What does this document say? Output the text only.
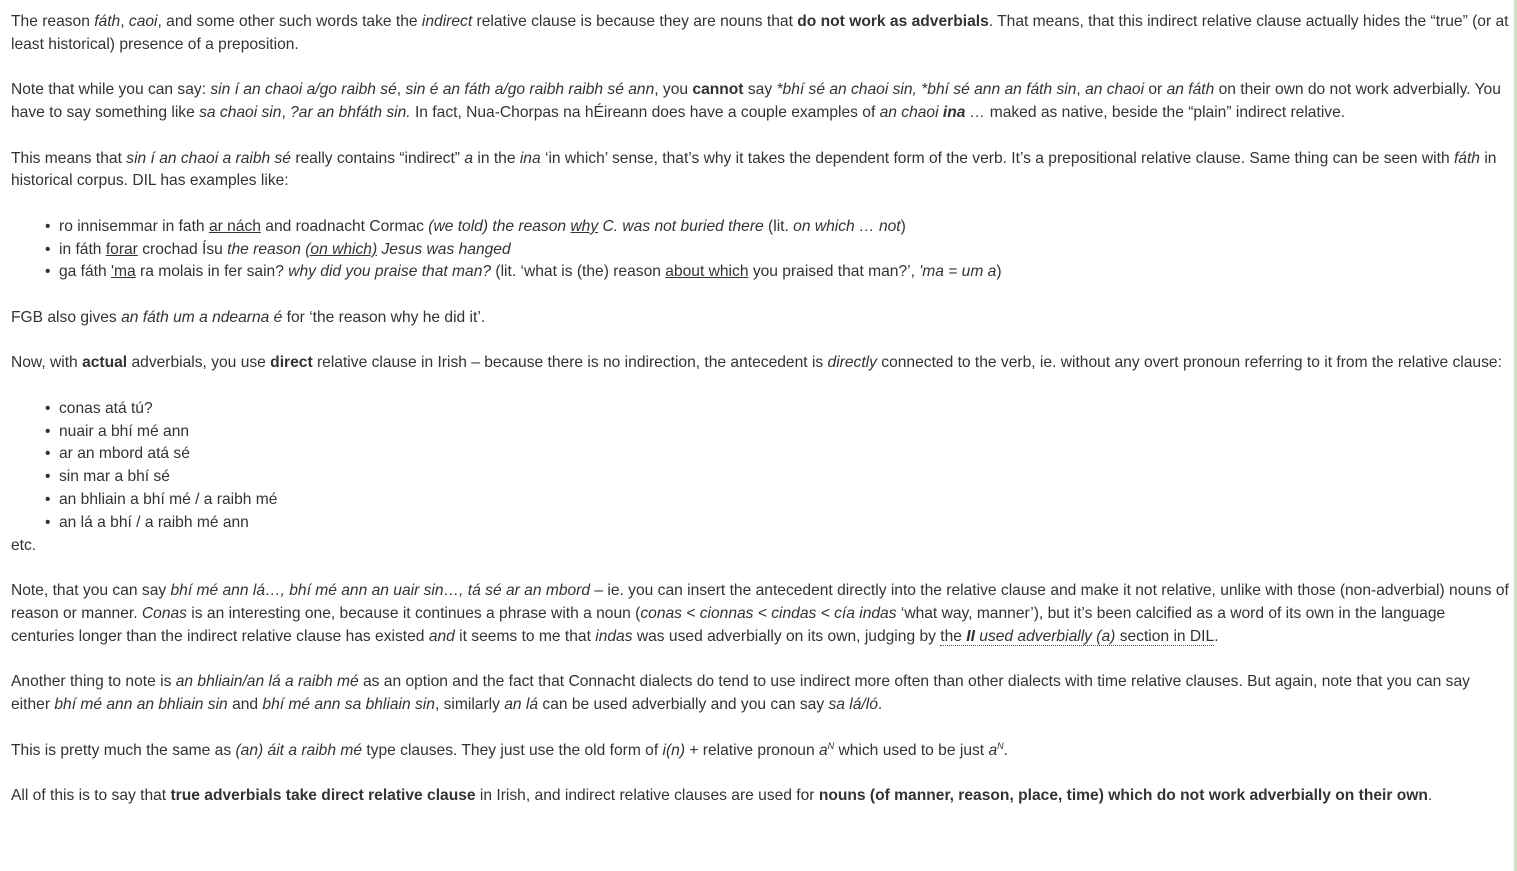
The reason fáth, caoi, and some other such words take the indirect relative clause is because they are nouns that do not work as adverbials. That means, that this indirect relative clause actually hides the “true” (or at least historical) presence of a preposition.

Note that while you can say: sin í an chaoi a/go raibh sé, sin é an fáth a/go raibh raibh sé ann, you cannot say *bhí sé an chaoi sin, *bhí sé ann an fáth sin, an chaoi or an fáth on their own do not work adverbially. You have to say something like sa chaoi sin, ?ar an bhfáth sin. In fact, Nua-Chorpas na hÉireann does have a couple examples of an chaoi ina … maked as native, beside the “plain” indirect relative.

This means that sin í an chaoi a raibh sé really contains “indirect” a in the ina ‘in which’ sense, that’s why it takes the dependent form of the verb. It’s a prepositional relative clause. Same thing can be seen with fáth in historical corpus. DIL has examples like:

• ro innisemmar in fath ar nách and roadnacht Cormac (we told) the reason why C. was not buried there (lit. on which … not)
• in fáth forar crochad Ísu the reason (on which) Jesus was hanged
• ga fáth 'ma ra molais in fer sain? why did you praise that man? (lit. ‘what is (the) reason about which you praised that man?’, 'ma = um a)

FGB also gives an fáth um a ndearna é for ‘the reason why he did it’.

Now, with actual adverbials, you use direct relative clause in Irish – because there is no indirection, the antecedent is directly connected to the verb, ie. without any overt pronoun referring to it from the relative clause:

• conas atá tú?
• nuair a bhí mé ann
• ar an mbord atá sé
• sin mar a bhí sé
• an bhliain a bhí mé / a raibh mé
• an lá a bhí / a raibh mé ann
etc.

Note, that you can say bhí mé ann lá…, bhí mé ann an uair sin…, tá sé ar an mbord – ie. you can insert the antecedent directly into the relative clause and make it not relative, unlike with those (non-adverbial) nouns of reason or manner. Conas is an interesting one, because it continues a phrase with a noun (conas < cionnas < cindas < cía indas ‘what way, manner’), but it’s been calcified as a word of its own in the language centuries longer than the indirect relative clause has existed and it seems to me that indas was used adverbially on its own, judging by the II used adverbially (a) section in DIL.

Another thing to note is an bhliain/an lá a raibh mé as an option and the fact that Connacht dialects do tend to use indirect more often than other dialects with time relative clauses. But again, note that you can say either bhí mé ann an bhliain sin and bhí mé ann sa bhliain sin, similarly an lá can be used adverbially and you can say sa lá/ló.

This is pretty much the same as (an) áit a raibh mé type clauses. They just use the old form of i(n) + relative pronoun $a^N$ which used to be just $a^N$.

All of this is to say that true adverbials take direct relative clause in Irish, and indirect relative clauses are used for nouns (of manner, reason, place, time) which do not work adverbially on their own.
